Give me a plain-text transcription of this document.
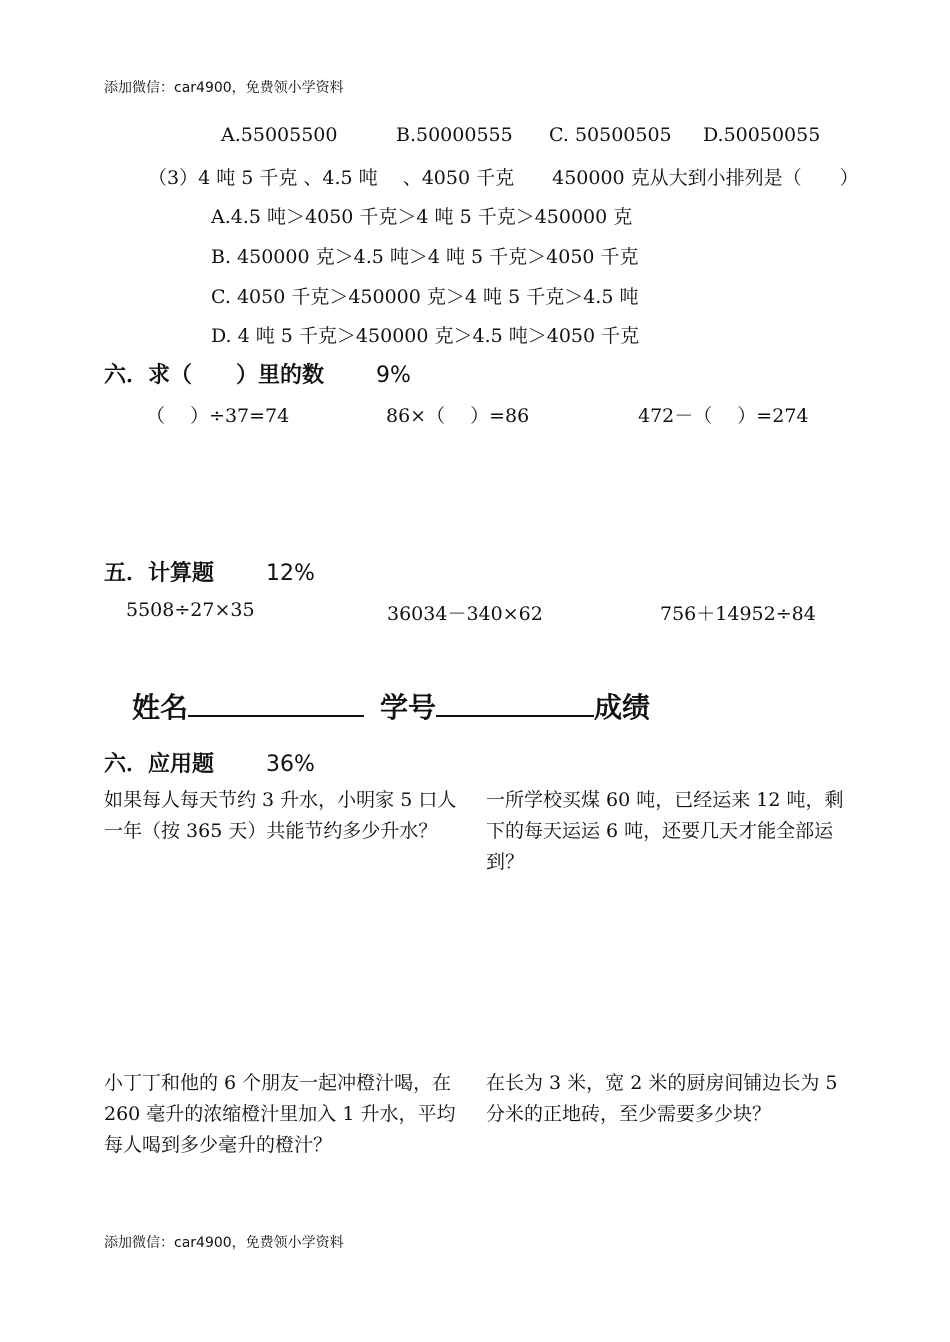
添加微信：car4900，免费领小学资料
A.55005500	B.50000555 C. 50500505 D.50050055
（3）4 吨 5 千克 、4.5 吨　 、4050 千克　　450000 克从大到小排列是（　　）
A.4.5 吨＞4050 千克＞4 吨 5 千克＞450000 克
B. 450000 克＞4.5 吨＞4 吨 5 千克＞4050 千克
C. 4050 千克＞450000 克＞4 吨 5 千克＞4.5 吨
D. 4 吨 5 千克＞450000 克＞4.5 吨＞4050 千克
六．求（　　）里的数 9%
（　 ）÷37=74	86×（　 ）=86	472－（　 ）=274
五．计算题 12%
5508÷27×35	36034－340×62	756＋14952÷84
姓名	学号	成绩
六．应用题 36%
如果每人每天节约 3 升水，小明家 5 口人一年（按 365 天）共能节约多少升水？
一所学校买煤 60 吨，已经运来 12 吨，剩下的每天运运 6 吨，还要几天才能全部运到？
小丁丁和他的 6 个朋友一起冲橙汁喝，在 260 毫升的浓缩橙汁里加入 1 升水，平均每人喝到多少毫升的橙汁？
在长为 3 米，宽 2 米的厨房间铺边长为 5 分米的正地砖，至少需要多少块？
添加微信：car4900，免费领小学资料
